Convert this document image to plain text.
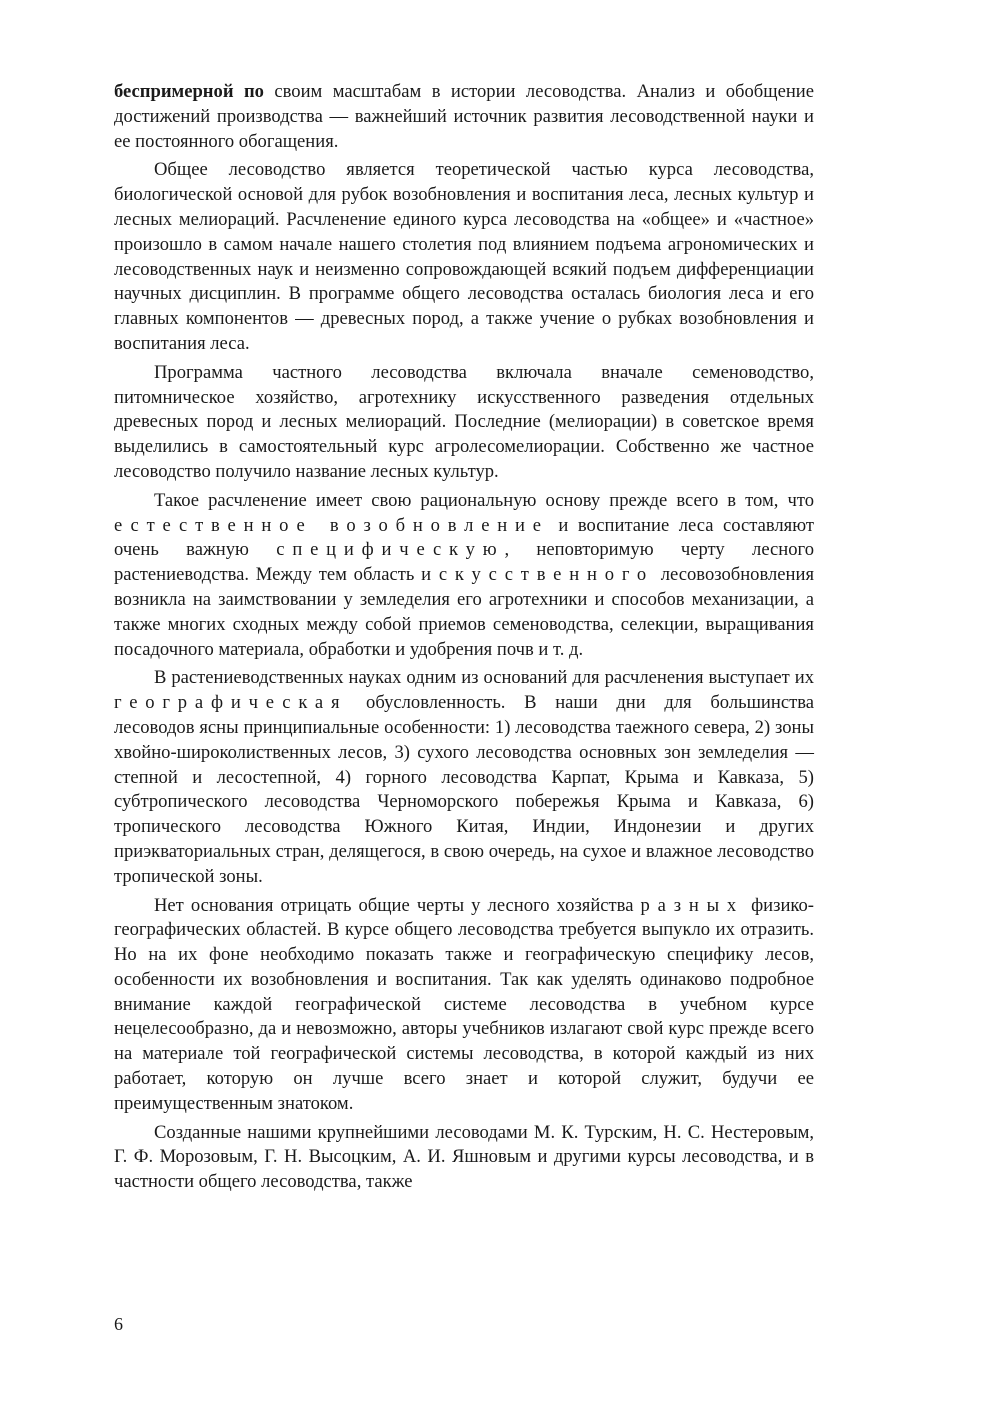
беспримерной по своим масштабам в истории лесоводства. Анализ и обобщение достижений производства — важнейший источник развития лесоводственной науки и ее постоянного обогащения.

Общее лесоводство является теоретической частью курса лесоводства, биологической основой для рубок возобновления и воспитания леса, лесных культур и лесных мелиораций. Расчленение единого курса лесоводства на «общее» и «частное» произошло в самом начале нашего столетия под влиянием подъема агрономических и лесоводственных наук и неизменно сопровождающей всякий подъем дифференциации научных дисциплин. В программе общего лесоводства осталась биология леса и его главных компонентов — древесных пород, а также учение о рубках возобновления и воспитания леса.

Программа частного лесоводства включала вначале семеноводство, питомническое хозяйство, агротехнику искусственного разведения отдельных древесных пород и лесных мелиораций. Последние (мелиорации) в советское время выделились в самостоятельный курс агролесомелиорации. Собственно же частное лесоводство получило название лесных культур.

Такое расчленение имеет свою рациональную основу прежде всего в том, что естественное возобновление и воспитание леса составляют очень важную специфическую, неповторимую черту лесного растениеводства. Между тем область искусственного лесовозобновления возникла на заимствовании у земледелия его агротехники и способов механизации, а также многих сходных между собой приемов семеноводства, селекции, выращивания посадочного материала, обработки и удобрения почв и т. д.

В растениеводственных науках одним из оснований для расчленения выступает их географическая обусловленность. В наши дни для большинства лесоводов ясны принципиальные особенности: 1) лесоводства таежного севера, 2) зоны хвойно-широколиственных лесов, 3) сухого лесоводства основных зон земледелия — степной и лесостепной, 4) горного лесоводства Карпат, Крыма и Кавказа, 5) субтропического лесоводства Черноморского побережья Крыма и Кавказа, 6) тропического лесоводства Южного Китая, Индии, Индонезии и других приэкваториальных стран, делящегося, в свою очередь, на сухое и влажное лесоводство тропической зоны.

Нет основания отрицать общие черты у лесного хозяйства разных физико-географических областей. В курсе общего лесоводства требуется выпукло их отразить. Но на их фоне необходимо показать также и географическую специфику лесов, особенности их возобновления и воспитания. Так как уделять одинаково подробное внимание каждой географической системе лесоводства в учебном курсе нецелесообразно, да и невозможно, авторы учебников излагают свой курс прежде всего на материале той географической системы лесоводства, в которой каждый из них работает, которую он лучше всего знает и которой служит, будучи ее преимущественным знатоком.

Созданные нашими крупнейшими лесоводами М. К. Турским, Н. С. Нестеровым, Г. Ф. Морозовым, Г. Н. Высоцким, А. И. Яшновым и другими курсы лесоводства, и в частности общего лесоводства, также

6
